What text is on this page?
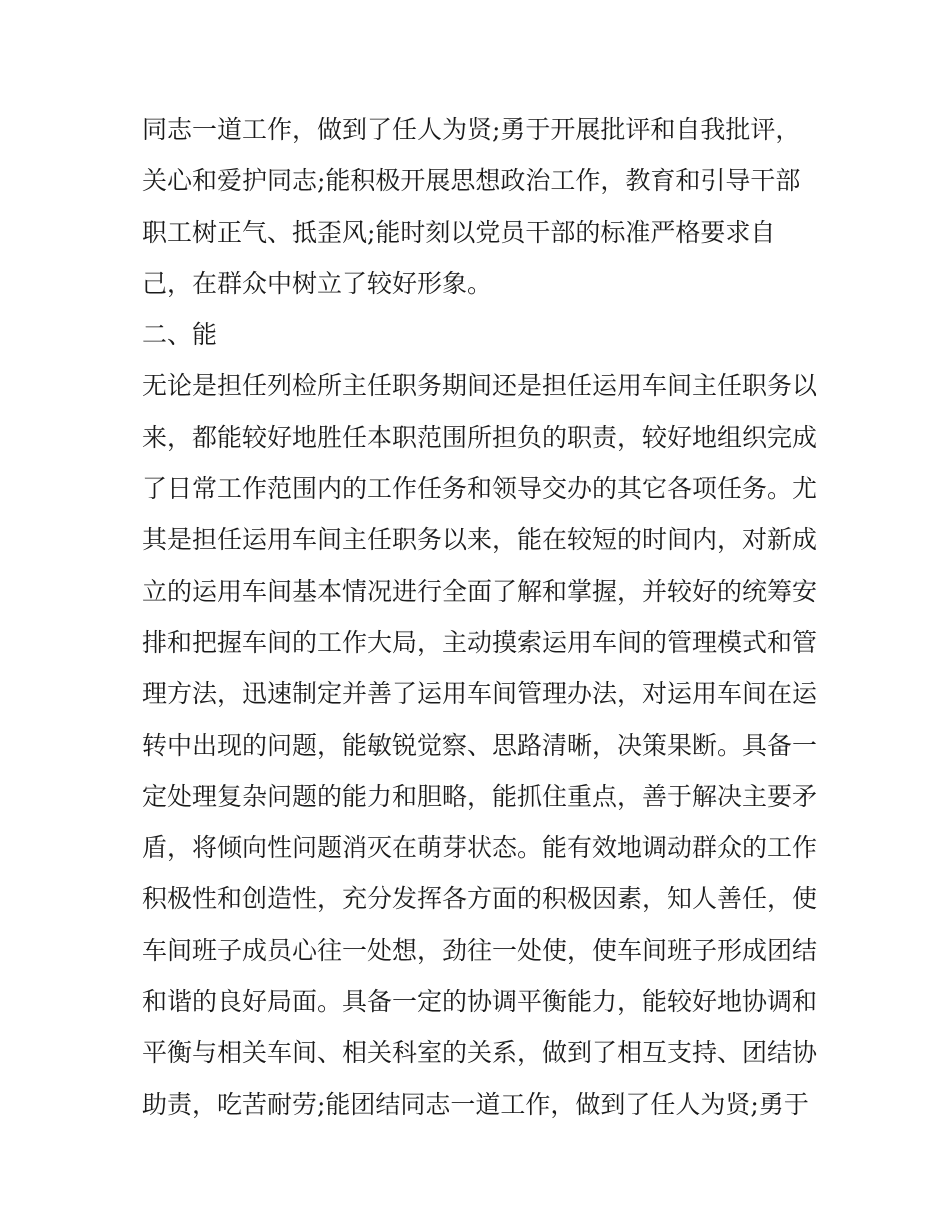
同志一道工作，做到了任人为贤;勇于开展批评和自我批评，
关心和爱护同志;能积极开展思想政治工作，教育和引导干部
职工树正气、抵歪风;能时刻以党员干部的标准严格要求自
己，在群众中树立了较好形象。
二、能
无论是担任列检所主任职务期间还是担任运用车间主任职务以
来，都能较好地胜任本职范围所担负的职责，较好地组织完成
了日常工作范围内的工作任务和领导交办的其它各项任务。尤
其是担任运用车间主任职务以来，能在较短的时间内，对新成
立的运用车间基本情况进行全面了解和掌握，并较好的统筹安
排和把握车间的工作大局，主动摸索运用车间的管理模式和管
理方法，迅速制定并善了运用车间管理办法，对运用车间在运
转中出现的问题，能敏锐觉察、思路清晰，决策果断。具备一
定处理复杂问题的能力和胆略，能抓住重点，善于解决主要矛
盾，将倾向性问题消灭在萌芽状态。能有效地调动群众的工作
积极性和创造性，充分发挥各方面的积极因素，知人善任，使
车间班子成员心往一处想，劲往一处使，使车间班子形成团结
和谐的良好局面。具备一定的协调平衡能力，能较好地协调和
平衡与相关车间、相关科室的关系，做到了相互支持、团结协
助责，吃苦耐劳;能团结同志一道工作，做到了任人为贤;勇于
